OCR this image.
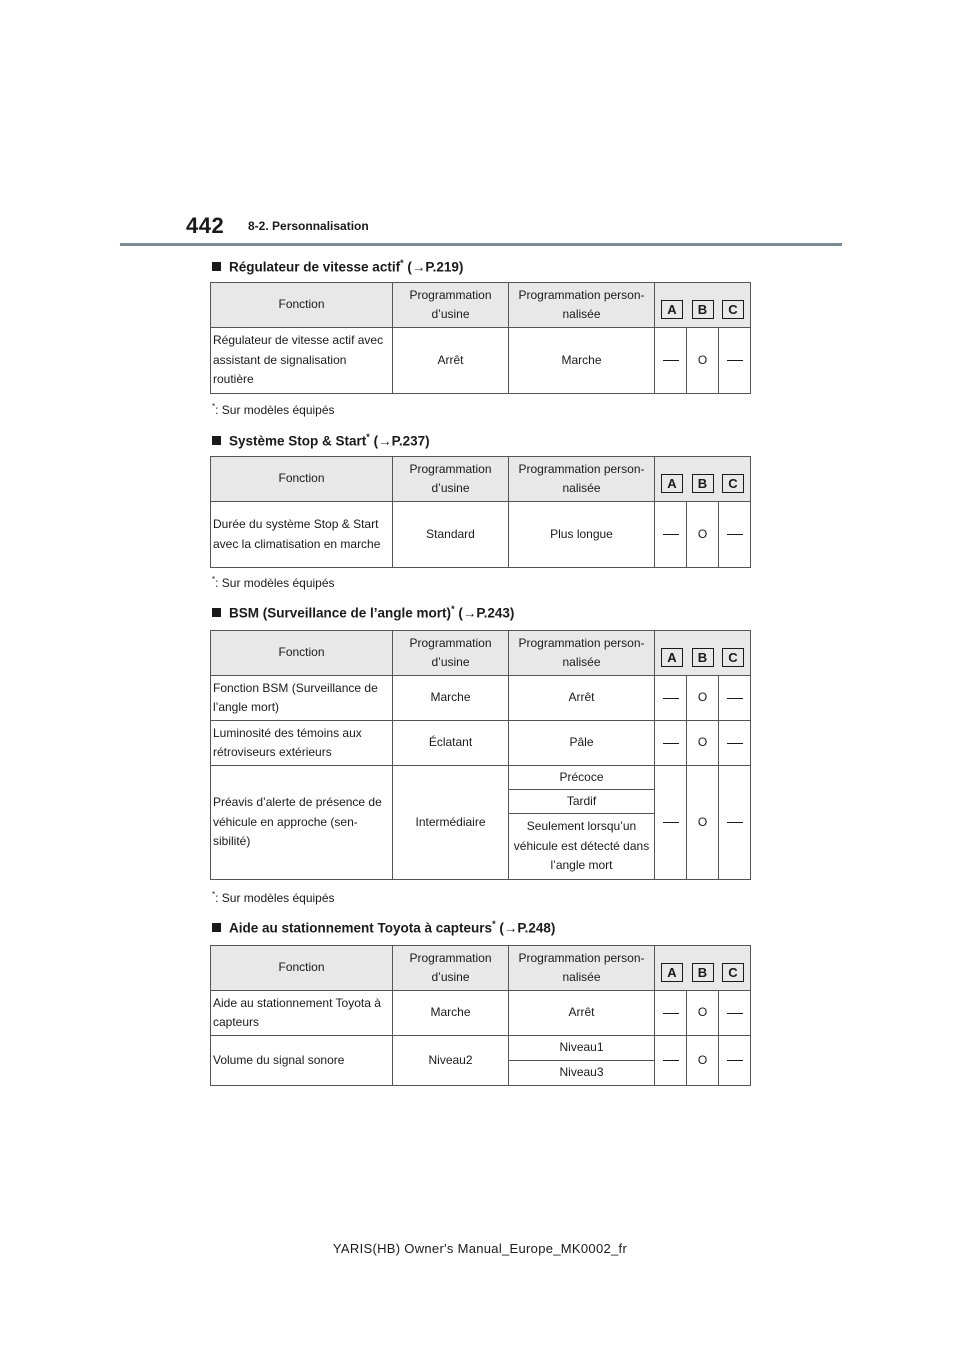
442 8-2. Personnalisation
Régulateur de vitesse actif* (→P.219)
Fonction	Programmation d’usine	Programmation person-nalisée	A B C		

Régulateur de vitesse actif avec assistant de signalisation routière	Arrêt	Marche		O	
*: Sur modèles équipés
Système Stop & Start* (→P.237)
Fonction	Programmation d’usine	Programmation person-nalisée	A B C		

Durée du système Stop & Start avec la climatisation en marche	Standard	Plus longue		O	
*: Sur modèles équipés
BSM (Surveillance de l’angle mort)* (→P.243)
Fonction	Programmation d’usine	Programmation person-nalisée	A B C		

Fonction BSM (Surveillance de l’angle mort)	Marche	Arrêt		O	
Luminosité des témoins aux rétroviseurs extérieurs	Éclatant	Pâle		O	
Préavis d’alerte de présence de véhicule en approche (sen-sibilité)	Intermédiaire	Précoce		O	
		Tardif			
		Seulement lorsqu’un véhicule est détecté dans l’angle mort			
*: Sur modèles équipés
Aide au stationnement Toyota à capteurs* (→P.248)
Fonction	Programmation d’usine	Programmation person-nalisée	A B C		

Aide au stationnement Toyota à capteurs	Marche	Arrêt		O	
Volume du signal sonore	Niveau2	Niveau1		O	
		Niveau3			
YARIS(HB) Owner's Manual_Europe_MK0002_fr
